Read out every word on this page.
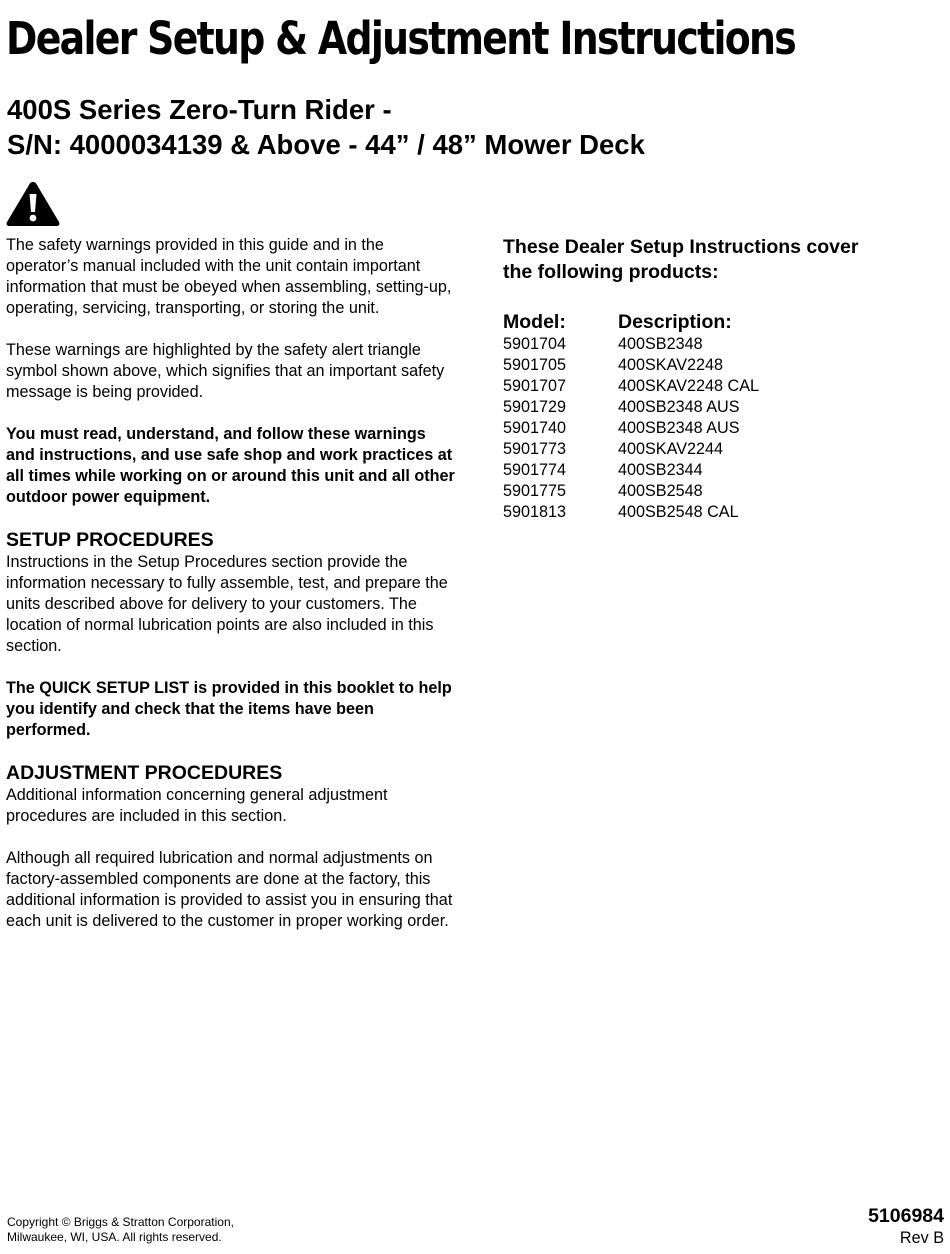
Dealer Setup & Adjustment Instructions
400S Series Zero-Turn Rider -
S/N: 4000034139 & Above - 44” / 48” Mower Deck

The safety warnings provided in this guide and in the operator’s manual included with the unit contain important information that must be obeyed when assembling, setting-up, operating, servicing, transporting, or storing the unit.

These warnings are highlighted by the safety alert triangle symbol shown above, which signifies that an important safety message is being provided.

You must read, understand, and follow these warnings and instructions, and use safe shop and work practices at all times while working on or around this unit and all other outdoor power equipment.

SETUP PROCEDURES

Instructions in the Setup Procedures section provide the information necessary to fully assemble, test, and prepare the units described above for delivery to your customers. The location of normal lubrication points are also included in this section.

The QUICK SETUP LIST is provided in this booklet to help you identify and check that the items have been performed.

ADJUSTMENT PROCEDURES

Additional information concerning general adjustment procedures are included in this section.

Although all required lubrication and normal adjustments on factory-assembled components are done at the factory, this additional information is provided to assist you in ensuring that each unit is delivered to the customer in proper working order.

These Dealer Setup Instructions cover
the following products:
Model:	Description:
5901704	400SB2348
5901705	400SKAV2248
5901707	400SKAV2248 CAL
5901729	400SB2348 AUS
5901740	400SB2348 AUS
5901773	400SKAV2244
5901774	400SB2344
5901775	400SB2548
5901813	400SB2548 CAL
Copyright © Briggs & Stratton Corporation,
Milwaukee, WI, USA. All rights reserved.
5106984
Rev B
